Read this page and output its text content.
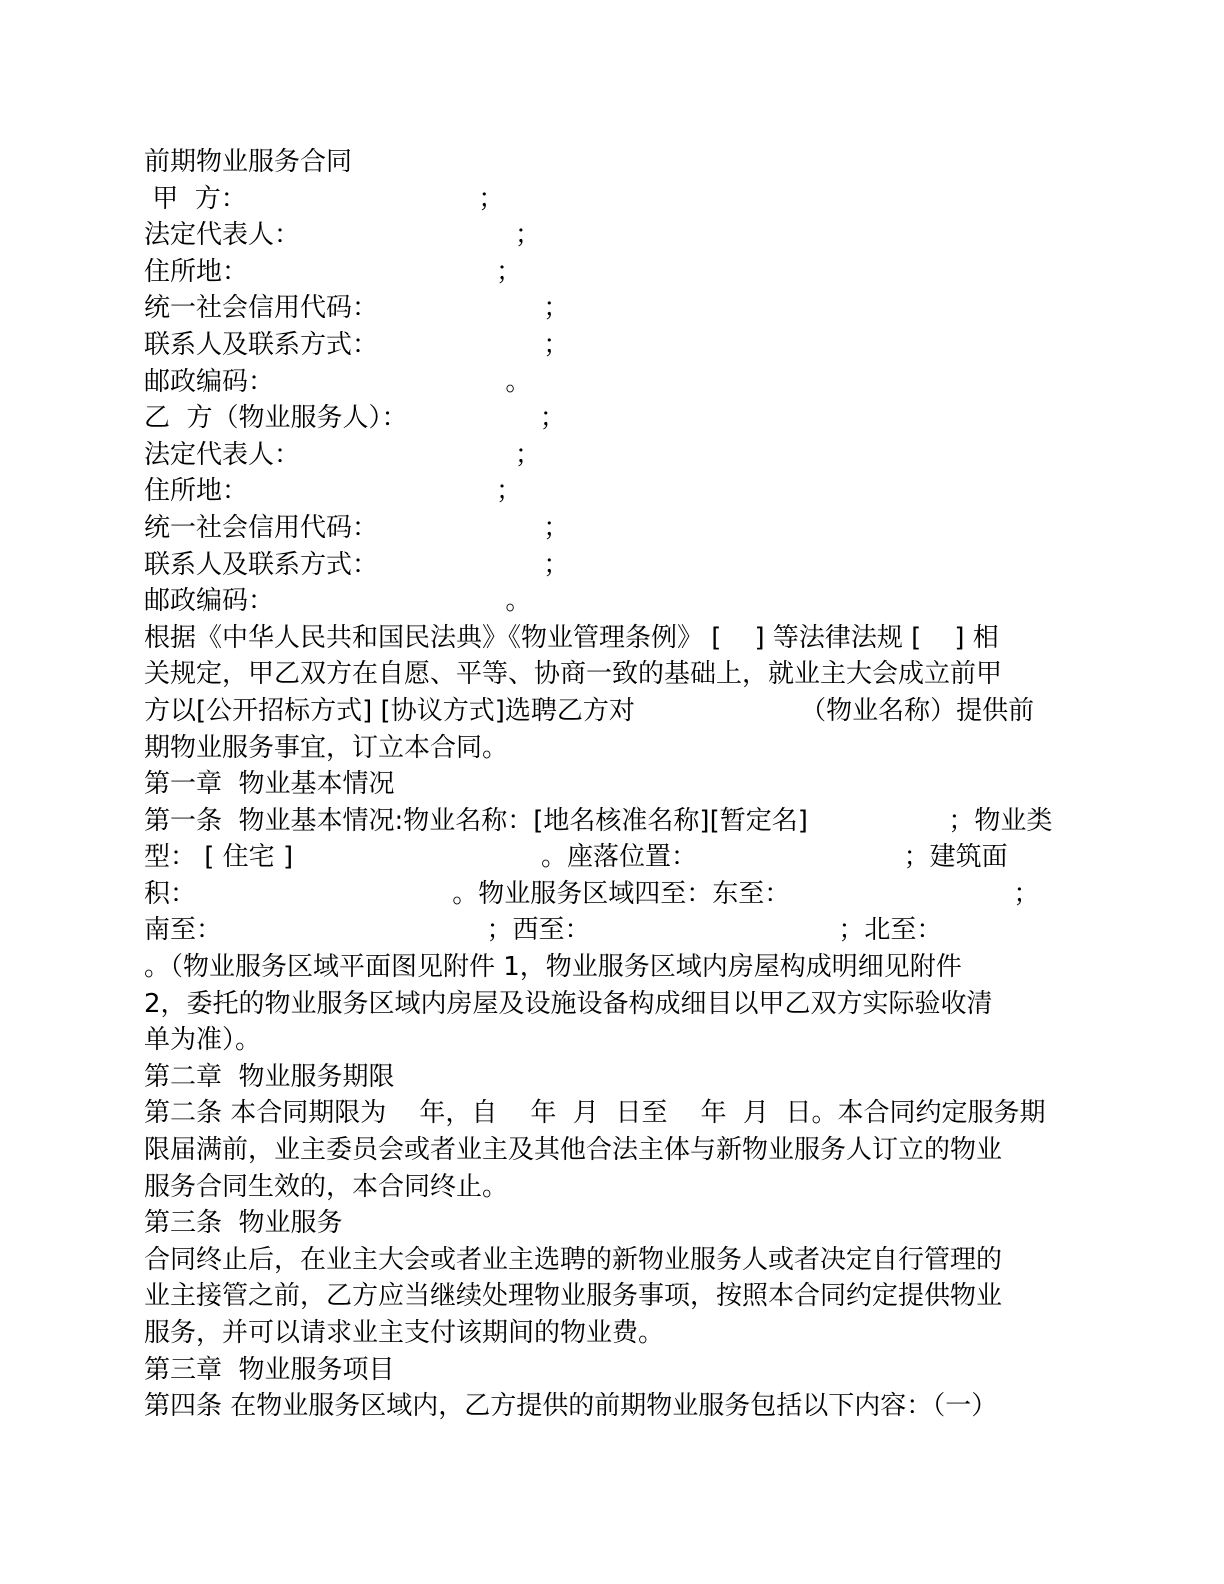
前期物业服务合同
甲  方：                            ；
法定代表人：                          ；
住所地：                              ；
统一社会信用代码：                    ；
联系人及联系方式：                    ；
邮政编码：                            。
乙  方（物业服务人）：                ；
法定代表人：                          ；
住所地：                              ；
统一社会信用代码：                    ；
联系人及联系方式：                    ；
邮政编码：                            。
根据《中华人民共和国民法典》《物业管理条例》 [    ] 等法律法规 [    ] 相
关规定，甲乙双方在自愿、平等、协商一致的基础上，就业主大会成立前甲
方以[公开招标方式] [协议方式]选聘乙方对                    （物业名称）提供前
期物业服务事宜，订立本合同。
第一章  物业基本情况
第一条  物业基本情况:物业名称：[地名核准名称][暂定名]                 ；物业类
型： [ 住宅 ]                              。座落位置：                         ；建筑面
积：                               。物业服务区域四至：东至：                           ；
南至：                                ；西至：                              ；北至：
。（物业服务区域平面图见附件 1，物业服务区域内房屋构成明细见附件
2，委托的物业服务区域内房屋及设施设备构成细目以甲乙双方实际验收清
单为准）。
第二章  物业服务期限
第二条 本合同期限为    年，自    年  月  日至    年  月  日。本合同约定服务期
限届满前，业主委员会或者业主及其他合法主体与新物业服务人订立的物业
服务合同生效的，本合同终止。
第三条  物业服务
合同终止后，在业主大会或者业主选聘的新物业服务人或者决定自行管理的
业主接管之前，乙方应当继续处理物业服务事项，按照本合同约定提供物业
服务，并可以请求业主支付该期间的物业费。
第三章  物业服务项目
第四条 在物业服务区域内，乙方提供的前期物业服务包括以下内容：（一）
